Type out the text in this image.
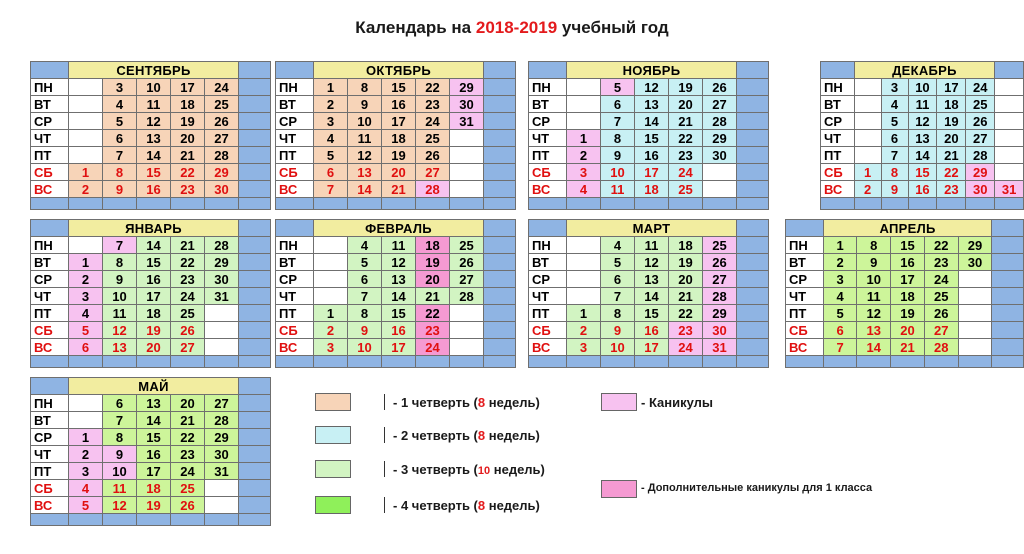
Календарь на 2018-2019 учебный год
	СЕНТЯБРЬ					
ПН		3	10	17	24	
ВТ		4	11	18	25	
СР		5	12	19	26	
ЧТ		6	13	20	27	
ПТ		7	14	21	28	
СБ	1	8	15	22	29	
ВС	2	9	16	23	30	

	ОКТЯБРЬ					
ПН	1	8	15	22	29	
ВТ	2	9	16	23	30	
СР	3	10	17	24	31	
ЧТ	4	11	18	25		
ПТ	5	12	19	26		
СБ	6	13	20	27		
ВС	7	14	21	28		

	НОЯБРЬ					
ПН		5	12	19	26	
ВТ		6	13	20	27	
СР		7	14	21	28	
ЧТ	1	8	15	22	29	
ПТ	2	9	16	23	30	
СБ	3	10	17	24		
ВС	4	11	18	25		

	ДЕКАБРЬ					
ПН		3	10	17	24	
ВТ		4	11	18	25	
СР		5	12	19	26	
ЧТ		6	13	20	27	
ПТ		7	14	21	28	
СБ	1	8	15	22	29	
ВС	2	9	16	23	30	31

	ЯНВАРЬ					
ПН		7	14	21	28	
ВТ	1	8	15	22	29	
СР	2	9	16	23	30	
ЧТ	3	10	17	24	31	
ПТ	4	11	18	25		
СБ	5	12	19	26		
ВС	6	13	20	27		

	ФЕВРАЛЬ					
ПН		4	11	18	25	
ВТ		5	12	19	26	
СР		6	13	20	27	
ЧТ		7	14	21	28	
ПТ	1	8	15	22		
СБ	2	9	16	23		
ВС	3	10	17	24		

	МАРТ					
ПН		4	11	18	25	
ВТ		5	12	19	26	
СР		6	13	20	27	
ЧТ		7	14	21	28	
ПТ	1	8	15	22	29	
СБ	2	9	16	23	30	
ВС	3	10	17	24	31	

	АПРЕЛЬ					
ПН	1	8	15	22	29	
ВТ	2	9	16	23	30	
СР	3	10	17	24		
ЧТ	4	11	18	25		
ПТ	5	12	19	26		
СБ	6	13	20	27		
ВС	7	14	21	28		

	МАЙ					
ПН		6	13	20	27	
ВТ		7	14	21	28	
СР	1	8	15	22	29	
ЧТ	2	9	16	23	30	
ПТ	3	10	17	24	31	
СБ	4	11	18	25		
ВС	5	12	19	26		

- 1 четверть (8 недель)
- 2 четверть (8 недель)
- 3 четверть (10 недель)
- 4 четверть (8 недель)
- Каникулы
- Дополнительные каникулы для 1 класса
